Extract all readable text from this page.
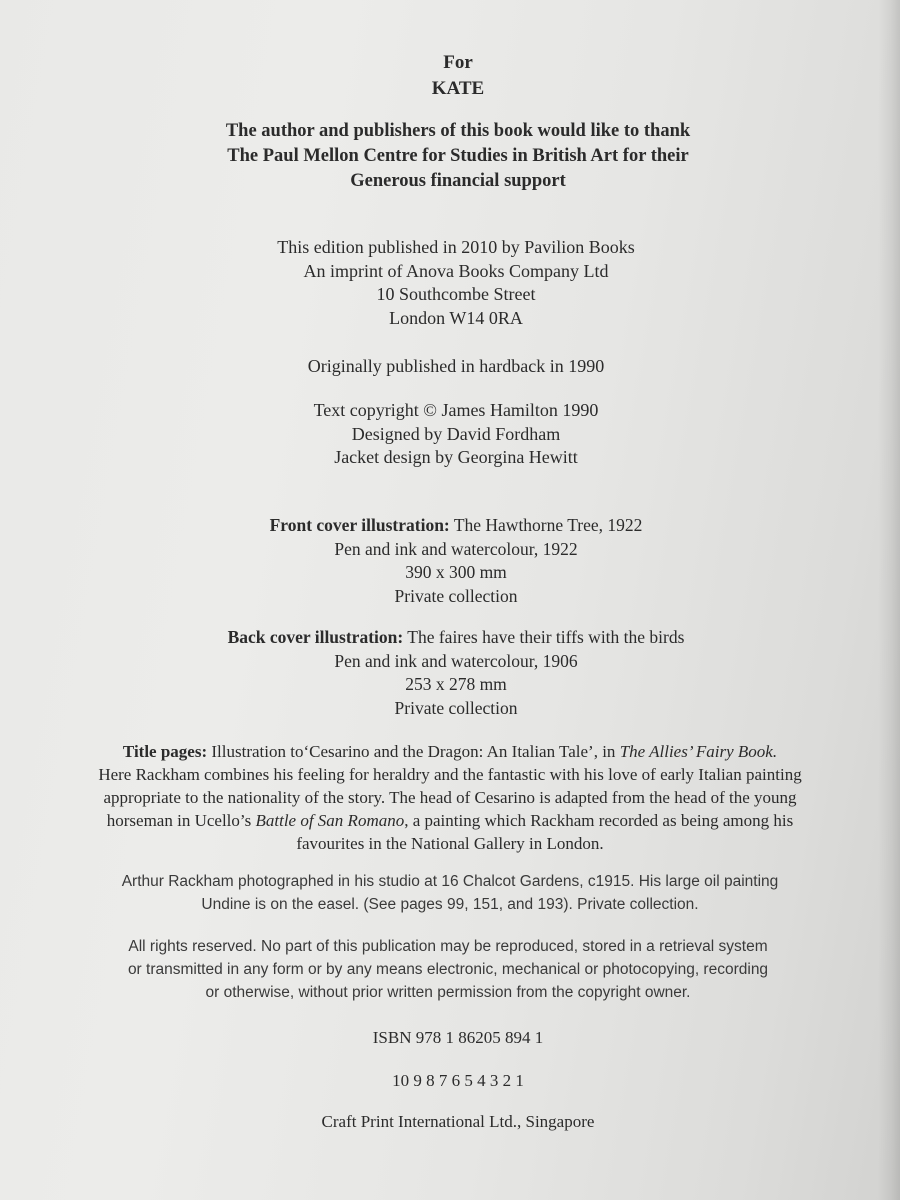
For
KATE
The author and publishers of this book would like to thank
The Paul Mellon Centre for Studies in British Art for their
Generous financial support
This edition published in 2010 by Pavilion Books
An imprint of Anova Books Company Ltd
10 Southcombe Street
London W14 0RA
Originally published in hardback in 1990
Text copyright © James Hamilton 1990
Designed by David Fordham
Jacket design by Georgina Hewitt
Front cover illustration: The Hawthorne Tree, 1922
Pen and ink and watercolour, 1922
390 x 300 mm
Private collection
Back cover illustration: The faires have their tiffs with the birds
Pen and ink and watercolour, 1906
253 x 278 mm
Private collection
Title pages: Illustration to‘Cesarino and the Dragon: An Italian Tale’, in The Allies’ Fairy Book.
Here Rackham combines his feeling for heraldry and the fantastic with his love of early Italian painting
appropriate to the nationality of the story. The head of Cesarino is adapted from the head of the young
horseman in Ucello’s Battle of San Romano, a painting which Rackham recorded as being among his
favourites in the National Gallery in London.
Arthur Rackham photographed in his studio at 16 Chalcot Gardens, c1915. His large oil painting
Undine is on the easel. (See pages 99, 151, and 193). Private collection.
All rights reserved. No part of this publication may be reproduced, stored in a retrieval system
or transmitted in any form or by any means electronic, mechanical or photocopying, recording
or otherwise, without prior written permission from the copyright owner.
ISBN 978 1 86205 894 1
10 9 8 7 6 5 4 3 2 1
Craft Print International Ltd., Singapore
